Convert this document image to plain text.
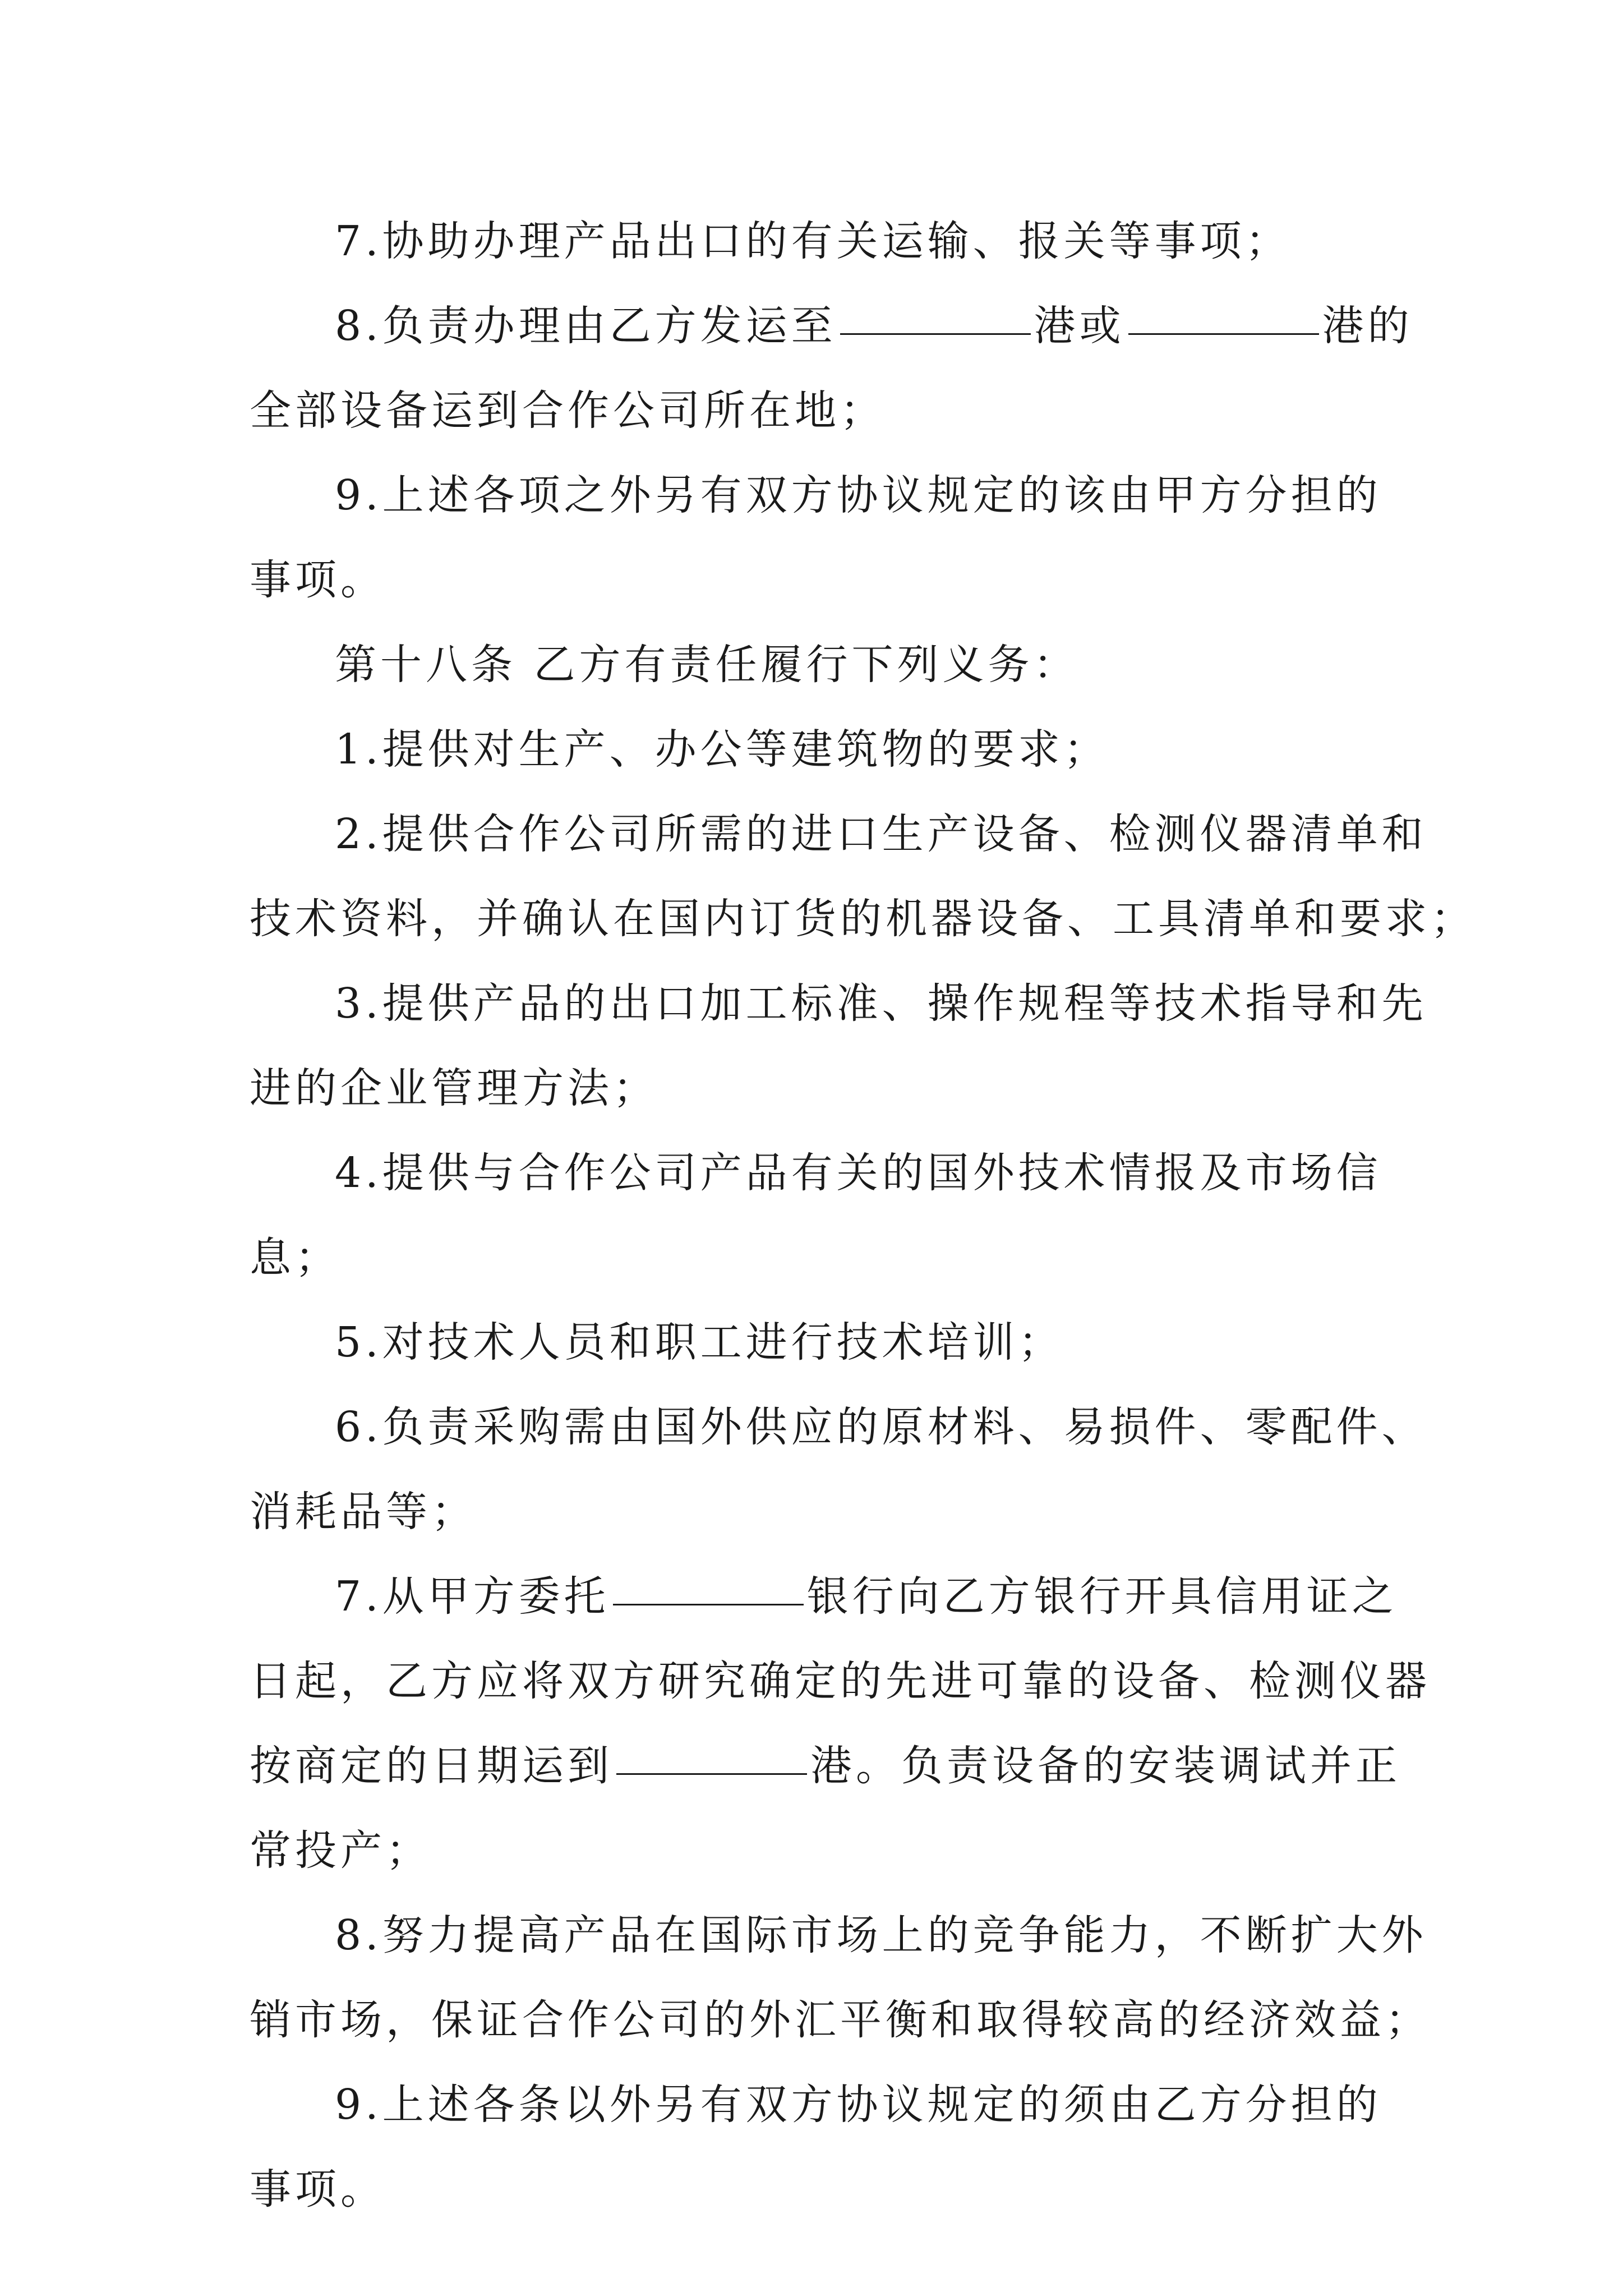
7.协助办理产品出口的有关运输、报关等事项；
8.负责办理由乙方发运至	港或	港的
全部设备运到合作公司所在地；
9.上述各项之外另有双方协议规定的该由甲方分担的
事项。
第十八条 乙方有责任履行下列义务：
1.提供对生产、办公等建筑物的要求；
2.提供合作公司所需的进口生产设备、检测仪器清单和
技术资料，并确认在国内订货的机器设备、工具清单和要求；
3.提供产品的出口加工标准、操作规程等技术指导和先
进的企业管理方法；
4.提供与合作公司产品有关的国外技术情报及市场信
息；
5.对技术人员和职工进行技术培训；
6.负责采购需由国外供应的原材料、易损件、零配件、
消耗品等；
7.从甲方委托	银行向乙方银行开具信用证之
日起，乙方应将双方研究确定的先进可靠的设备、检测仪器
按商定的日期运到	港。负责设备的安装调试并正
常投产；
8.努力提高产品在国际市场上的竞争能力，不断扩大外
销市场，保证合作公司的外汇平衡和取得较高的经济效益；
9.上述各条以外另有双方协议规定的须由乙方分担的
事项。
